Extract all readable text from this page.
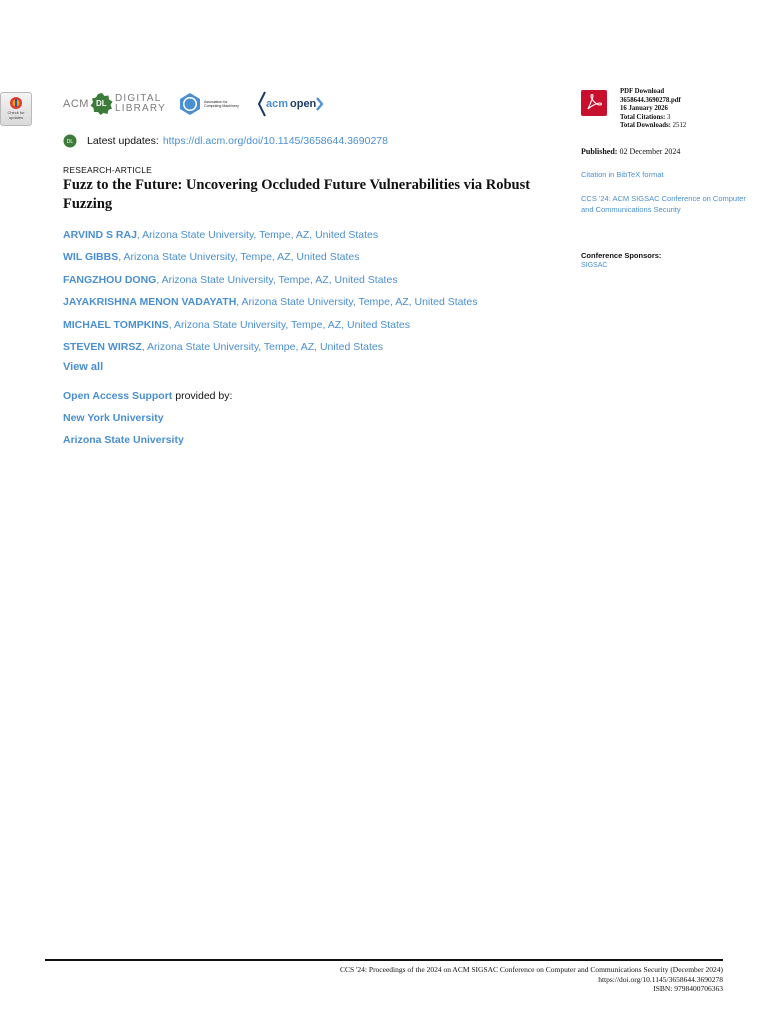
Check for updates
ACM DL DIGITAL
LIBRARY
Association for
Computing Machinery	acm open
DL Latest updates: https://dl.acm.org/doi/10.1145/3658644.3690278
RESEARCH-ARTICLE
Fuzz to the Future: Uncovering Occluded Future Vulnerabilities via Robust Fuzzing
ARVIND S RAJ, Arizona State University, Tempe, AZ, United States
WIL GIBBS, Arizona State University, Tempe, AZ, United States
FANGZHOU DONG, Arizona State University, Tempe, AZ, United States
JAYAKRISHNA MENON VADAYATH, Arizona State University, Tempe, AZ, United States
MICHAEL TOMPKINS, Arizona State University, Tempe, AZ, United States
STEVEN WIRSZ, Arizona State University, Tempe, AZ, United States
View all
Open Access Support provided by:
New York University
Arizona State University
PDF Download
3658644.3690278.pdf
16 January 2026
Total Citations: 3
Total Downloads: 2512
Published: 02 December 2024
Citation in BibTeX format
CCS '24: ACM SIGSAC Conference on Computer and Communications Security
Conference Sponsors:
SIGSAC
CCS '24: Proceedings of the 2024 on ACM SIGSAC Conference on Computer and Communications Security (December 2024)
https://doi.org/10.1145/3658644.3690278
ISBN: 9798400706363
